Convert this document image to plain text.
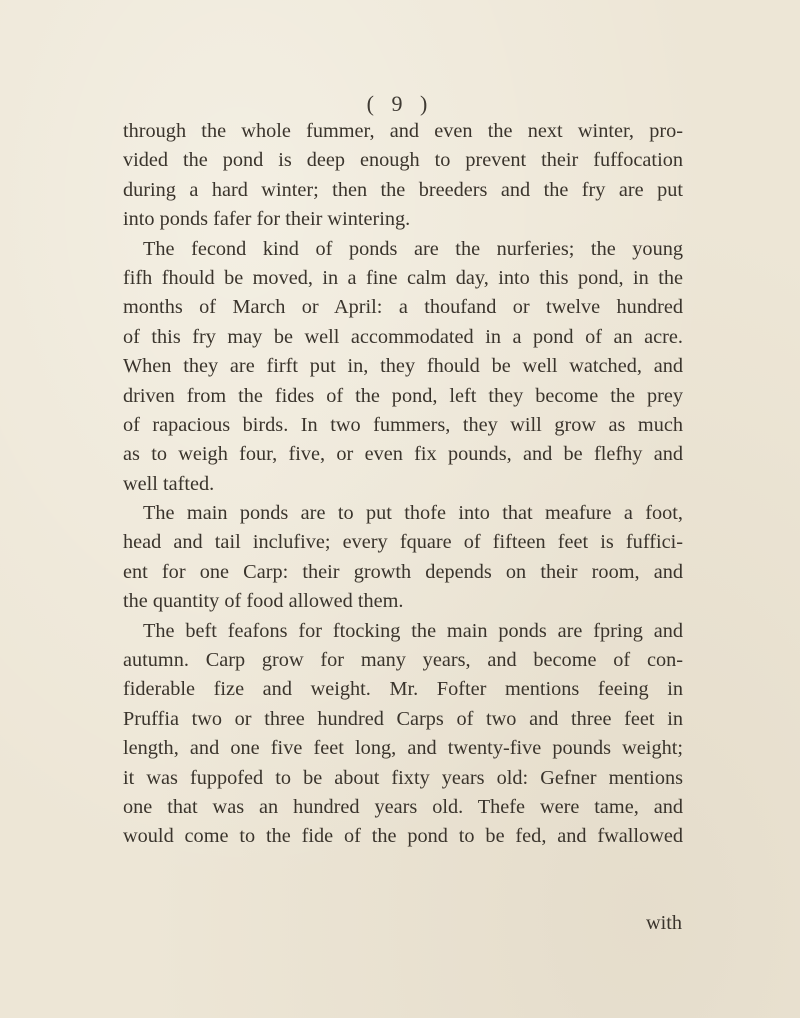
( 9 )
through the whole fummer, and even the next winter, pro-
vided the pond is deep enough to prevent their fuffocation
during a hard winter; then the breeders and the fry are put
into ponds fafer for their wintering.
The fecond kind of ponds are the nurferies; the young
fifh fhould be moved, in a fine calm day, into this pond, in the
months of March or April: a thoufand or twelve hundred
of this fry may be well accommodated in a pond of an acre.
When they are firft put in, they fhould be well watched, and
driven from the fides of the pond, left they become the prey
of rapacious birds. In two fummers, they will grow as much
as to weigh four, five, or even fix pounds, and be flefhy and
well tafted.
The main ponds are to put thofe into that meafure a foot,
head and tail inclufive; every fquare of fifteen feet is fuffici-
ent for one Carp: their growth depends on their room, and
the quantity of food allowed them.
The beft feafons for ftocking the main ponds are fpring and
autumn. Carp grow for many years, and become of con-
fiderable fize and weight. Mr. Fofter mentions feeing in
Pruffia two or three hundred Carps of two and three feet in
length, and one five feet long, and twenty-five pounds weight;
it was fuppofed to be about fixty years old: Gefner mentions
one that was an hundred years old. Thefe were tame, and
would come to the fide of the pond to be fed, and fwallowed
with
